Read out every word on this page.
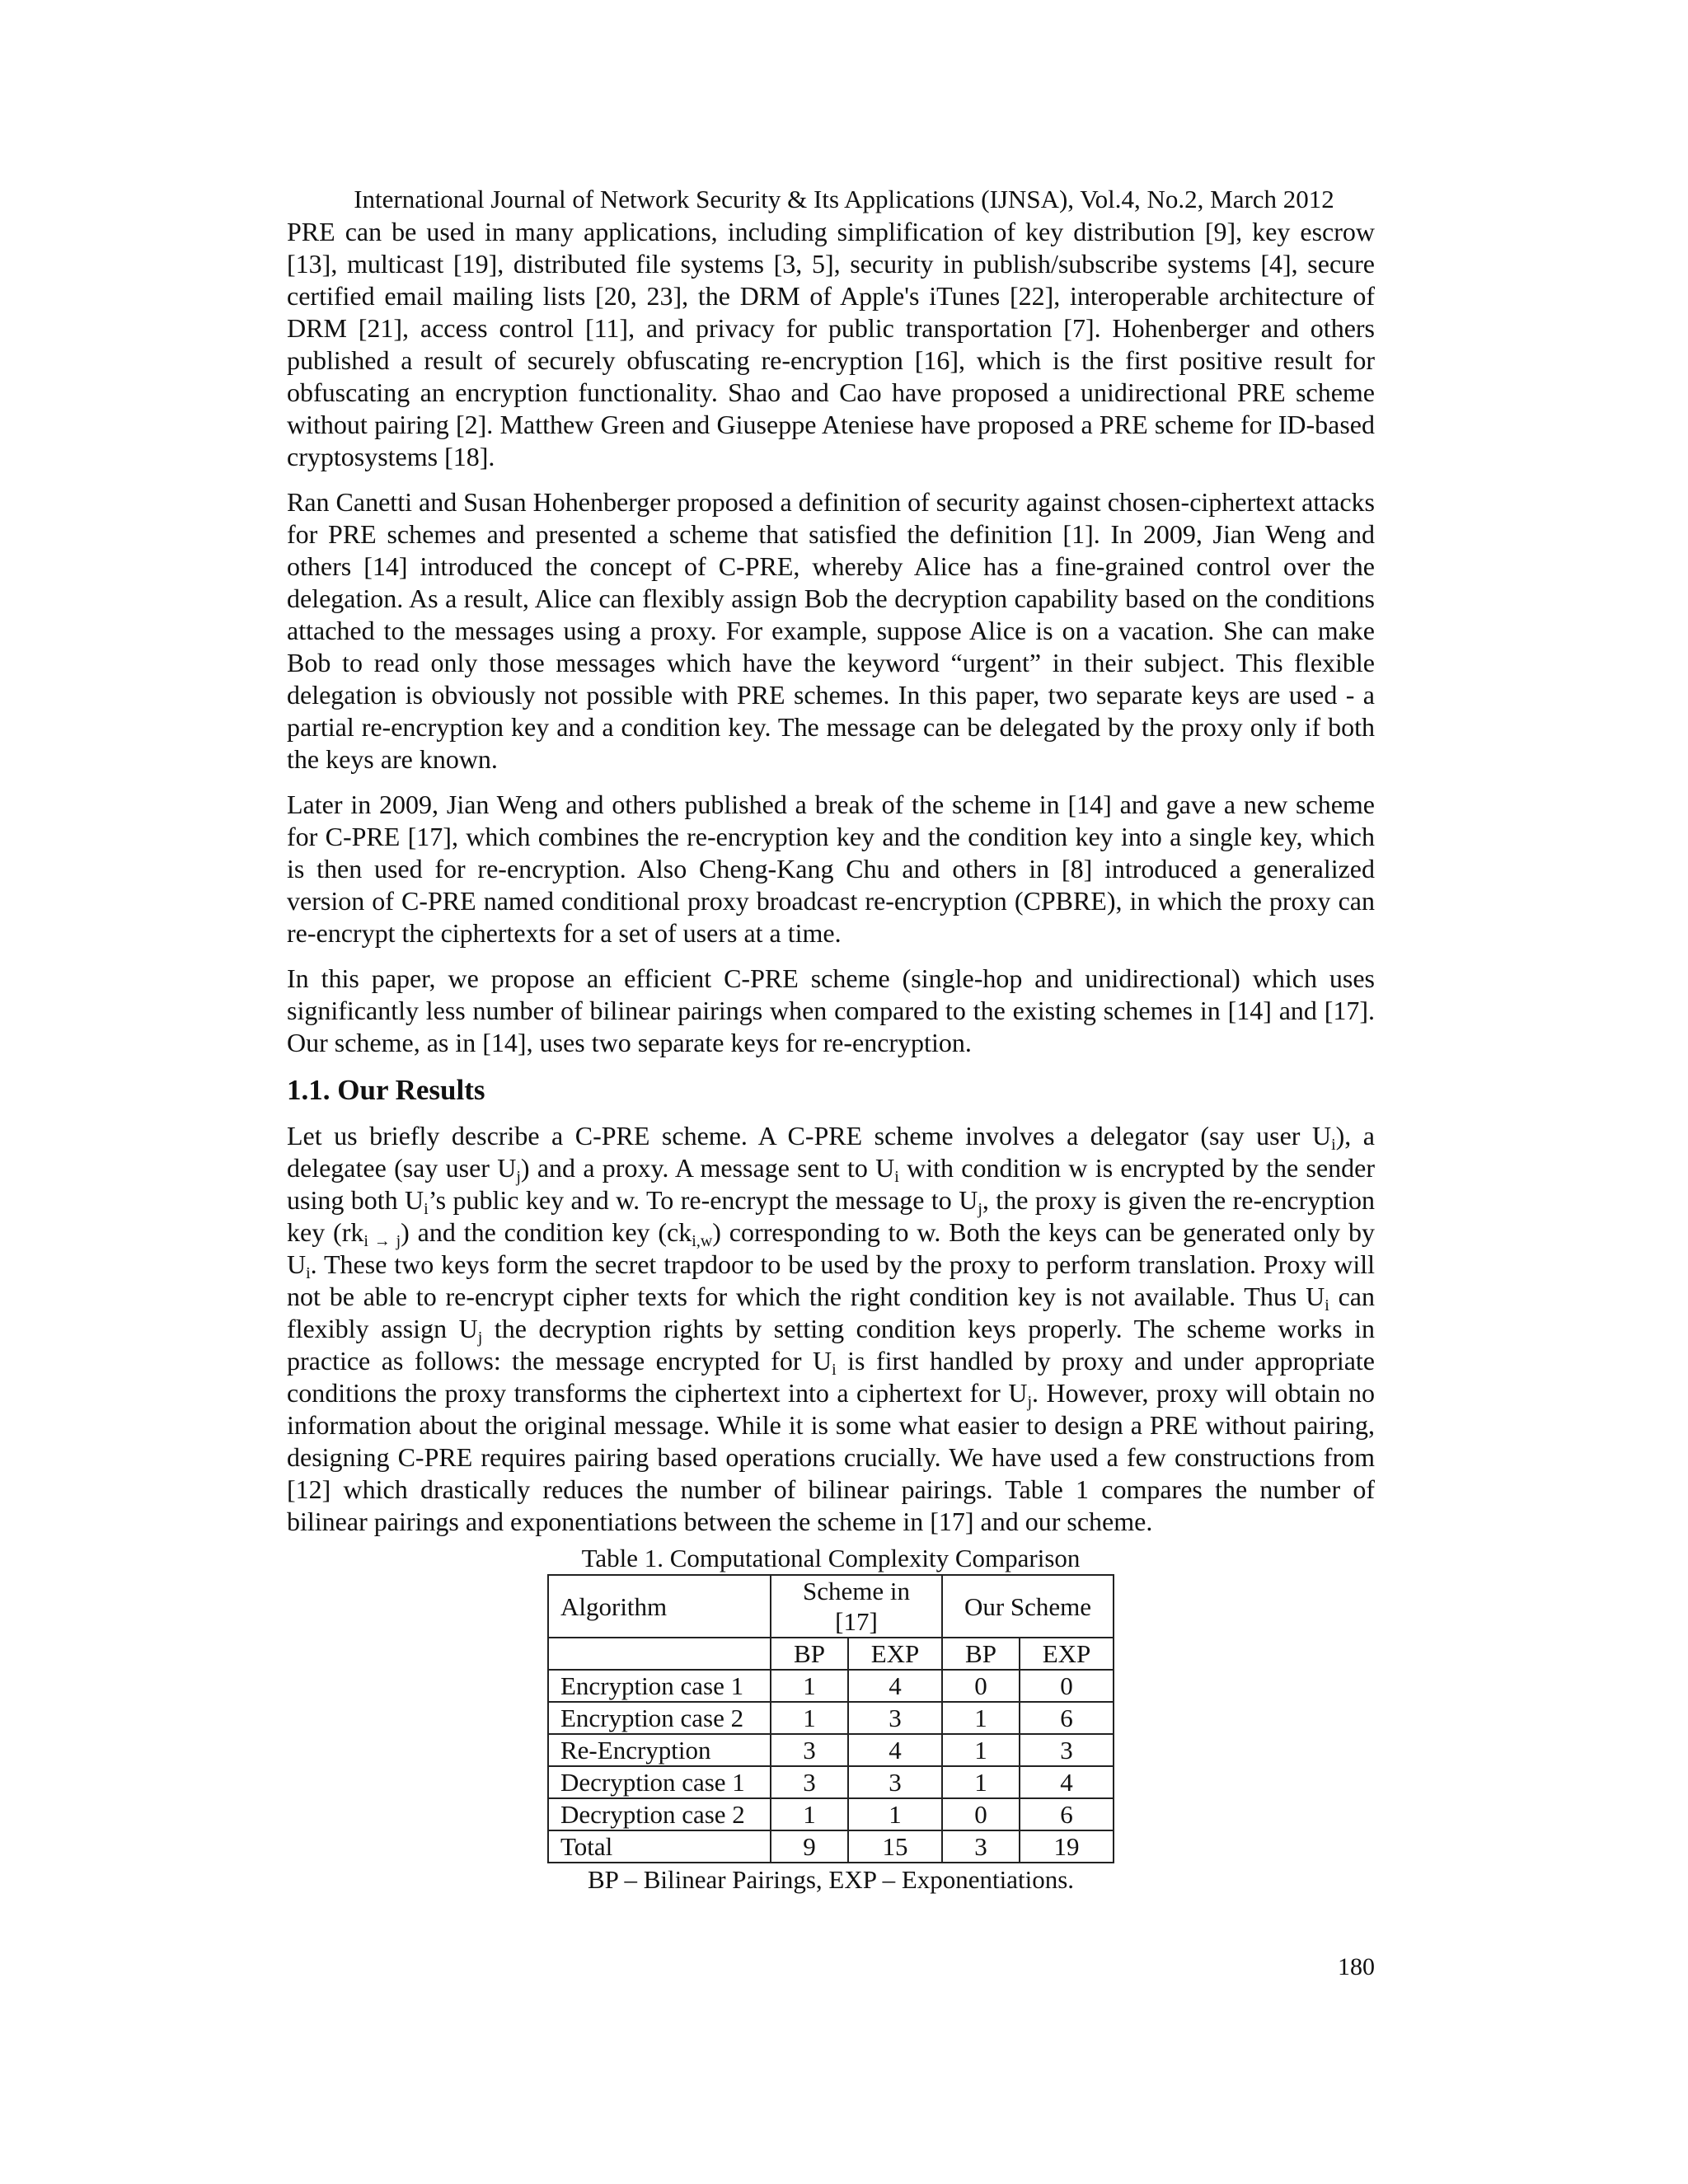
International Journal of Network Security & Its Applications (IJNSA), Vol.4, No.2, March 2012

PRE can be used in many applications, including simplification of key distribution [9], key escrow [13], multicast [19], distributed file systems [3, 5], security in publish/subscribe systems [4], secure certified email mailing lists [20, 23], the DRM of Apple's iTunes [22], interoperable architecture of DRM [21], access control [11], and privacy for public transportation [7]. Hohenberger and others published a result of securely obfuscating re-encryption [16], which is the first positive result for obfuscating an encryption functionality. Shao and Cao have proposed a unidirectional PRE scheme without pairing [2]. Matthew Green and Giuseppe Ateniese have proposed a PRE scheme for ID-based cryptosystems [18].

Ran Canetti and Susan Hohenberger proposed a definition of security against chosen-ciphertext attacks for PRE schemes and presented a scheme that satisfied the definition [1]. In 2009, Jian Weng and others [14] introduced the concept of C-PRE, whereby Alice has a fine-grained control over the delegation. As a result, Alice can flexibly assign Bob the decryption capability based on the conditions attached to the messages using a proxy. For example, suppose Alice is on a vacation. She can make Bob to read only those messages which have the keyword “urgent” in their subject. This flexible delegation is obviously not possible with PRE schemes. In this paper, two separate keys are used - a partial re-encryption key and a condition key. The message can be delegated by the proxy only if both the keys are known.

Later in 2009, Jian Weng and others published a break of the scheme in [14] and gave a new scheme for C-PRE [17], which combines the re-encryption key and the condition key into a single key, which is then used for re-encryption. Also Cheng-Kang Chu and others in [8] introduced a generalized version of C-PRE named conditional proxy broadcast re-encryption (CPBRE), in which the proxy can re-encrypt the ciphertexts for a set of users at a time.

In this paper, we propose an efficient C-PRE scheme (single-hop and unidirectional) which uses significantly less number of bilinear pairings when compared to the existing schemes in [14] and [17]. Our scheme, as in [14], uses two separate keys for re-encryption.

1.1. Our Results

Let us briefly describe a C-PRE scheme. A C-PRE scheme involves a delegator (say user $U_i$), a delegatee (say user $U_j$) and a proxy. A message sent to $U_i$ with condition w is encrypted by the sender using both $U_i’s$ public key and w. To re-encrypt the message to $U_j$, the proxy is given the re-encryption key $(rk_{i \to j})$ and the condition key $(ck_{i,w})$ corresponding to w. Both the keys can be generated only by $U_i$. These two keys form the secret trapdoor to be used by the proxy to perform translation. Proxy will not be able to re-encrypt cipher texts for which the right condition key is not available. Thus $U_i$ can flexibly assign $U_j$ the decryption rights by setting condition keys properly. The scheme works in practice as follows: the message encrypted for $U_i$ is first handled by proxy and under appropriate conditions the proxy transforms the ciphertext into a ciphertext for $U_j$. However, proxy will obtain no information about the original message. While it is some what easier to design a PRE without pairing, designing C-PRE requires pairing based operations crucially. We have used a few constructions from [12] which drastically reduces the number of bilinear pairings. Table 1 compares the number of bilinear pairings and exponentiations between the scheme in [17] and our scheme.

Table 1. Computational Complexity Comparison
Algorithm	Scheme in [17]		Our Scheme	
	BP	EXP	BP	EXP
Encryption case 1	1	4	0	0
Encryption case 2	1	3	1	6
Re-Encryption	3	4	1	3
Decryption case 1	3	3	1	4
Decryption case 2	1	1	0	6
Total	9	15	3	19
BP – Bilinear Pairings, EXP – Exponentiations.
180
